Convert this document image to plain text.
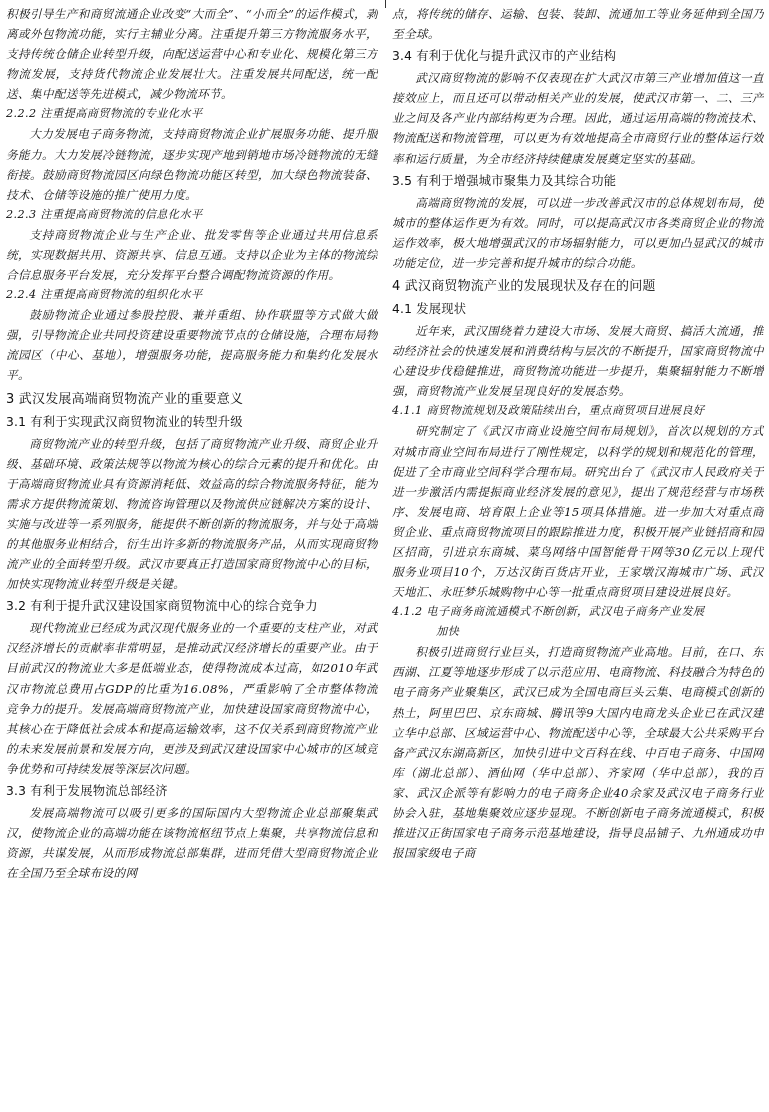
积极引导生产和商贸流通企业改变“大而全”、“小而全”的运作模式，剥离或外包物流功能，实行主辅业分离。注重提升第三方物流服务水平，支持传统仓储企业转型升级，向配送运营中心和专业化、规模化第三方物流发展，支持货代物流企业发展壮大。注重发展共同配送，统一配送、集中配送等先进模式，减少物流环节。

2.2.2 注重提高商贸物流的专业化水平

大力发展电子商务物流，支持商贸物流企业扩展服务功能、提升服务能力。大力发展冷链物流，逐步实现产地到销地市场冷链物流的无缝衔接。鼓励商贸物流园区向绿色物流功能区转型，加大绿色物流装备、技术、仓储等设施的推广使用力度。

2.2.3 注重提高商贸物流的信息化水平

支持商贸物流企业与生产企业、批发零售等企业通过共用信息系统，实现数据共用、资源共享、信息互通。支持以企业为主体的物流综合信息服务平台发展，充分发挥平台整合调配物流资源的作用。

2.2.4 注重提高商贸物流的组织化水平

鼓励物流企业通过参股控股、兼并重组、协作联盟等方式做大做强，引导物流企业共同投资建设重要物流节点的仓储设施，合理布局物流园区（中心、基地），增强服务功能，提高服务能力和集约化发展水平。

3 武汉发展高端商贸物流产业的重要意义
3.1 有利于实现武汉商贸物流业的转型升级

商贸物流产业的转型升级，包括了商贸物流产业升级、商贸企业升级、基础环境、政策法规等以物流为核心的综合元素的提升和优化。由于高端商贸物流业具有资源消耗低、效益高的综合物流服务特征，能为需求方提供物流策划、物流咨询管理以及物流供应链解决方案的设计、实施与改进等一系列服务，能提供不断创新的物流服务，并与处于高端的其他服务业相结合，衍生出许多新的物流服务产品，从而实现商贸物流产业的全面转型升级。武汉市要真正打造国家商贸物流中心的目标，加快实现物流业转型升级是关键。

3.2 有利于提升武汉建设国家商贸物流中心的综合竞争力

现代物流业已经成为武汉现代服务业的一个重要的支柱产业，对武汉经济增长的贡献率非常明显，是推动武汉经济增长的重要产业。由于目前武汉的物流业大多是低端业态，使得物流成本过高，如2010年武汉市物流总费用占GDP的比重为16.08%，严重影响了全市整体物流竞争力的提升。发展高端商贸物流产业，加快建设国家商贸物流中心，其核心在于降低社会成本和提高运输效率，这不仅关系到商贸物流产业的未来发展前景和发展方向，更涉及到武汉建设国家中心城市的区域竞争优势和可持续发展等深层次问题。

3.3 有利于发展物流总部经济

发展高端物流可以吸引更多的国际国内大型物流企业总部聚集武汉，使物流企业的高端功能在该物流枢纽节点上集聚，共享物流信息和资源，共谋发展，从而形成物流总部集群，进而凭借大型商贸物流企业在全国乃至全球布设的网

点，将传统的储存、运输、包装、装卸、流通加工等业务延伸到全国乃至全球。

3.4 有利于优化与提升武汉市的产业结构

武汉商贸物流的影响不仅表现在扩大武汉市第三产业增加值这一直接效应上，而且还可以带动相关产业的发展，使武汉市第一、二、三产业之间及各产业内部结构更为合理。因此，通过运用高端的物流技术、物流配送和物流管理，可以更为有效地提高全市商贸行业的整体运行效率和运行质量，为全市经济持续健康发展奠定坚实的基础。

3.5 有利于增强城市聚集力及其综合功能

高端商贸物流的发展，可以进一步改善武汉市的总体规划布局，使城市的整体运作更为有效。同时，可以提高武汉市各类商贸企业的物流运作效率，极大地增强武汉的市场辐射能力，可以更加凸显武汉的城市功能定位，进一步完善和提升城市的综合功能。

4 武汉商贸物流产业的发展现状及存在的问题
4.1 发展现状

近年来，武汉围绕着力建设大市场、发展大商贸、搞活大流通，推动经济社会的快速发展和消费结构与层次的不断提升，国家商贸物流中心建设步伐稳健推进，商贸物流功能进一步提升，集聚辐射能力不断增强，商贸物流产业发展呈现良好的发展态势。

4.1.1 商贸物流规划及政策陆续出台，重点商贸项目进展良好

研究制定了《武汉市商业设施空间布局规划》，首次以规划的方式对城市商业空间布局进行了刚性规定，以科学的规划和规范化的管理，促进了全市商业空间科学合理布局。研究出台了《武汉市人民政府关于进一步激活内需提振商业经济发展的意见》，提出了规范经营与市场秩序、发展电商、培育限上企业等15项具体措施。进一步加大对重点商贸企业、重点商贸物流项目的跟踪推进力度，积极开展产业链招商和园区招商，引进京东商城、菜鸟网络中国智能骨干网等30亿元以上现代服务业项目10个，万达汉街百货店开业，王家墩汉海城市广场、武汉天地汇、永旺梦乐城购物中心等一批重点商贸项目建设进展良好。

4.1.2 电子商务商流通模式不断创新，武汉电子商务产业发展
加快

积极引进商贸行业巨头，打造商贸物流产业高地。目前，在口、东西湖、江夏等地逐步形成了以示范应用、电商物流、科技融合为特色的电子商务产业聚集区，武汉已成为全国电商巨头云集、电商模式创新的热土，阿里巴巴、京东商城、腾讯等9大国内电商龙头企业已在武汉建立华中总部、区域运营中心、物流配送中心等，全球最大公共采购平台备产武汉东湖高新区，加快引进中文百科在线、中百电子商务、中国网库（湖北总部）、酒仙网（华中总部）、齐家网（华中总部），我的百家、武汉企派等有影响力的电子商务企业40余家及武汉电子商务行业协会入驻，基地集聚效应逐步显现。不断创新电子商务流通模式，积极推进汉正街国家电子商务示范基地建设，指导良品铺子、九州通成功申报国家级电子商
